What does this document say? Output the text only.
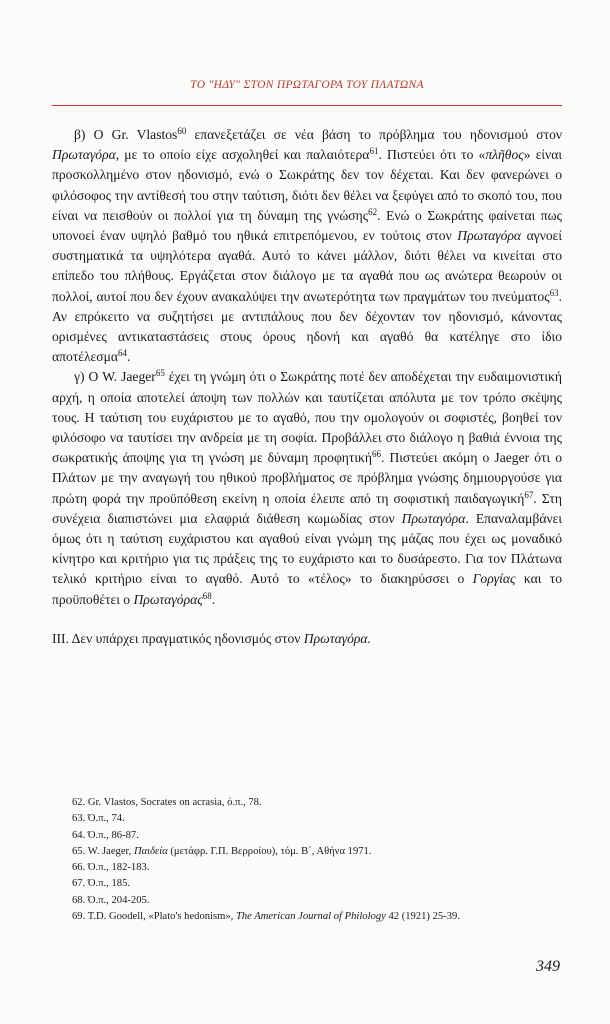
ΤΟ "ΗΔΥ" ΣΤΟΝ ΠΡΩΤΑΓΟΡΑ ΤΟΥ ΠΛΑΤΩΝΑ

β) Ο Gr. Vlastos$^{60}$ επανεξετάζει σε νέα βάση το πρόβλημα του ηδονισμού στον Πρωταγόρα, με το οποίο είχε ασχοληθεί και παλαιότερα$^{61}$. Πιστεύει ότι το «πλῆθος» είναι προσκολλημένο στον ηδονισμό, ενώ ο Σωκράτης δεν τον δέχεται. Και δεν φανερώνει ο φιλόσοφος την αντίθεσή του στην ταύτιση, διότι δεν θέλει να ξεφύγει από το σκοπό του, που είναι να πεισθούν οι πολλοί για τη δύναμη της γνώσης$^{62}$. Ενώ ο Σωκράτης φαίνεται πως υπονοεί έναν υψηλό βαθμό του ηθικά επιτρεπόμενου, εν τούτοις στον Πρωταγόρα αγνοεί συστηματικά τα υψηλότερα αγαθά. Αυτό το κάνει μάλλον, διότι θέλει να κινείται στο επίπεδο του πλήθους. Εργάζεται στον διάλογο με τα αγαθά που ως ανώτερα θεωρούν οι πολλοί, αυτοί που δεν έχουν ανακαλύψει την ανωτερότητα των πραγμάτων του πνεύματος$^{63}$. Αν επρόκειτο να συζητήσει με αντιπάλους που δεν δέχονταν τον ηδονισμό, κάνοντας ορισμένες αντικαταστάσεις στους όρους ηδονή και αγαθό θα κατέληγε στο ίδιο αποτέλεσμα$^{64}$.

γ) Ο W. Jaeger$^{65}$ έχει τη γνώμη ότι ο Σωκράτης ποτέ δεν αποδέχεται την ευδαιμονιστική αρχή, η οποία αποτελεί άποψη των πολλών και ταυτίζεται απόλυτα με τον τρόπο σκέψης τους. Η ταύτιση του ευχάριστου με το αγαθό, που την ομολογούν οι σοφιστές, βοηθεί τον φιλόσοφο να ταυτίσει την ανδρεία με τη σοφία. Προβάλλει στο διάλογο η βαθιά έννοια της σωκρατικής άποψης για τη γνώση με δύναμη προφητική$^{66}$. Πιστεύει ακόμη ο Jaeger ότι ο Πλάτων με την αναγωγή του ηθικού προβλήματος σε πρόβλημα γνώσης δημιουργούσε για πρώτη φορά την προϋπόθεση εκείνη η οποία έλειπε από τη σοφιστική παιδαγωγική$^{67}$. Στη συνέχεια διαπιστώνει μια ελαφριά διάθεση κωμωδίας στον Πρωταγόρα. Επαναλαμβάνει όμως ότι η ταύτιση ευχάριστου και αγαθού είναι γνώμη της μάζας που έχει ως μοναδικό κίνητρο και κριτήριο για τις πράξεις της το ευχάριστο και το δυσάρεστο. Για τον Πλάτωνα τελικό κριτήριο είναι το αγαθό. Αυτό το «τέλος» το διακηρύσσει ο Γοργίας και το προϋποθέτει ο Πρωταγόρας$^{68}$.

ΙΙΙ. Δεν υπάρχει πραγματικός ηδονισμός στον Πρωταγόρα.

62. Gr. Vlastos, Socrates on acrasia, ό.π., 78.
63. Ό.π., 74.
64. Ό.π., 86-87.
65. W. Jaeger, Παιδεία (μετάφρ. Γ.Π. Βερροίου), τόμ. Β΄, Αθήνα 1971.
66. Ό.π., 182-183.
67. Ό.π., 185.
68. Ό.π., 204-205.
69. T.D. Goodell, «Plato's hedonism», The American Journal of Philology 42 (1921) 25-39.
349
